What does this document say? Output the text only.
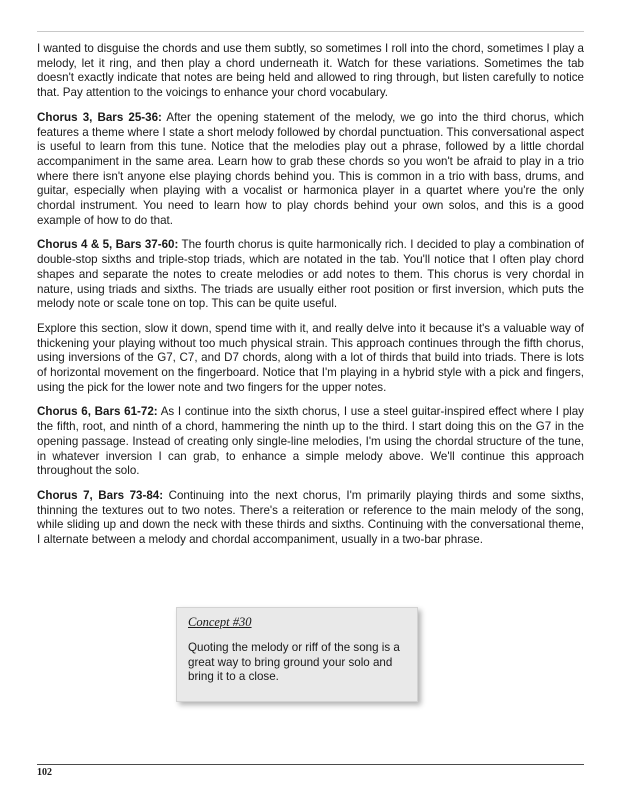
I wanted to disguise the chords and use them subtly, so sometimes I roll into the chord, sometimes I play a melody, let it ring, and then play a chord underneath it. Watch for these variations. Sometimes the tab doesn't exactly indicate that notes are being held and allowed to ring through, but listen carefully to notice that. Pay attention to the voicings to enhance your chord vocabulary.

Chorus 3, Bars 25-36: After the opening statement of the melody, we go into the third chorus, which features a theme where I state a short melody followed by chordal punctuation. This conversational aspect is useful to learn from this tune. Notice that the melodies play out a phrase, followed by a little chordal accompaniment in the same area. Learn how to grab these chords so you won't be afraid to play in a trio where there isn't anyone else playing chords behind you. This is common in a trio with bass, drums, and guitar, especially when playing with a vocalist or harmonica player in a quartet where you're the only chordal instrument. You need to learn how to play chords behind your own solos, and this is a good example of how to do that.

Chorus 4 & 5, Bars 37-60: The fourth chorus is quite harmonically rich. I decided to play a combination of double-stop sixths and triple-stop triads, which are notated in the tab. You'll notice that I often play chord shapes and separate the notes to create melodies or add notes to them. This chorus is very chordal in nature, using triads and sixths. The triads are usually either root position or first inversion, which puts the melody note or scale tone on top. This can be quite useful.

Explore this section, slow it down, spend time with it, and really delve into it because it's a valuable way of thickening your playing without too much physical strain. This approach continues through the fifth chorus, using inversions of the G7, C7, and D7 chords, along with a lot of thirds that build into triads. There is lots of horizontal movement on the fingerboard. Notice that I'm playing in a hybrid style with a pick and fingers, using the pick for the lower note and two fingers for the upper notes.

Chorus 6, Bars 61-72: As I continue into the sixth chorus, I use a steel guitar-inspired effect where I play the fifth, root, and ninth of a chord, hammering the ninth up to the third. I start doing this on the G7 in the opening passage. Instead of creating only single-line melodies, I'm using the chordal structure of the tune, in whatever inversion I can grab, to enhance a simple melody above. We'll continue this approach throughout the solo.

Chorus 7, Bars 73-84: Continuing into the next chorus, I'm primarily playing thirds and some sixths, thinning the textures out to two notes. There's a reiteration or reference to the main melody of the song, while sliding up and down the neck with these thirds and sixths. Continuing with the conversational theme, I alternate between a melody and chordal accompaniment, usually in a two-bar phrase.

Concept #30
Quoting the melody or riff of the song is a great way to bring ground your solo and bring it to a close.
102
